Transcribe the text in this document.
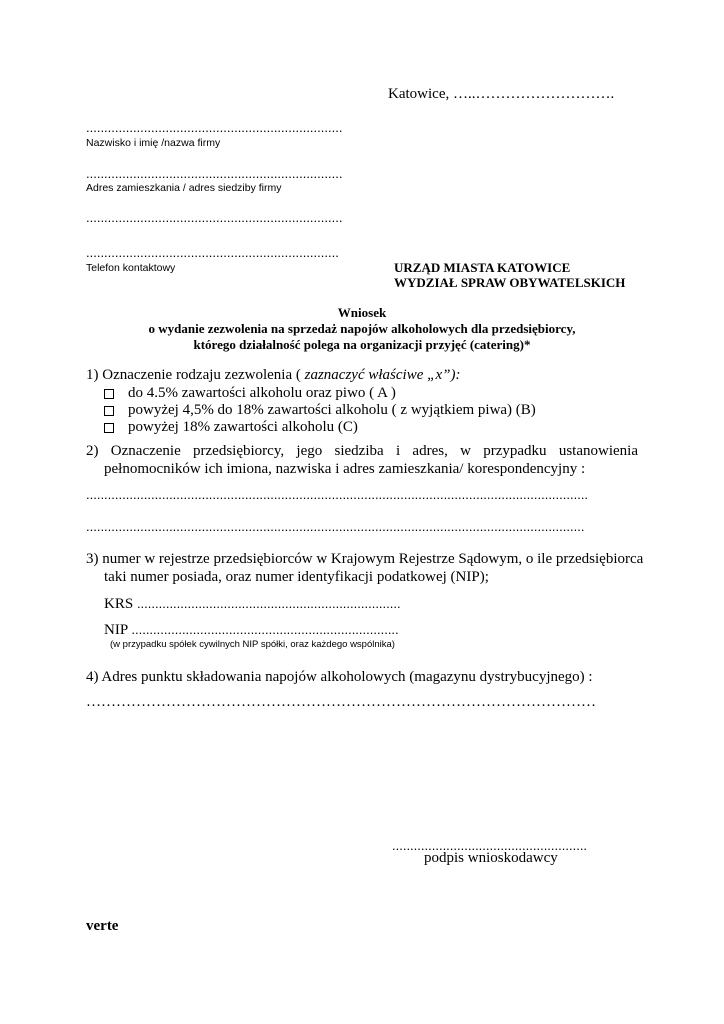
Katowice, …..……………………….
.......................................................................
Nazwisko i imię /nazwa firmy
.......................................................................
Adres zamieszkania / adres siedziby firmy
.......................................................................
......................................................................
Telefon kontaktowy	URZĄD MIASTA KATOWICE
WYDZIAŁ SPRAW OBYWATELSKICH
Wniosek
o wydanie zezwolenia na sprzedaż napojów alkoholowych dla przedsiębiorcy,
którego działalność polega na organizacji przyjęć (catering)*
1) Oznaczenie rodzaju zezwolenia ( zaznaczyć właściwe „x”):
do 4.5% zawartości alkoholu oraz piwo ( A )
powyżej 4,5% do 18% zawartości alkoholu ( z wyjątkiem piwa) (B)
powyżej 18% zawartości alkoholu (C)
2) Oznaczenie przedsiębiorcy, jego siedziba i adres, w przypadku ustanowienia
pełnomocników ich imiona, nazwiska i adres zamieszkania/ korespondencyjny :
...........................................................................................................................................
..........................................................................................................................................
3) numer w rejestrze przedsiębiorców w Krajowym Rejestrze Sądowym, o ile przedsiębiorca
taki numer posiada, oraz numer identyfikacji podatkowej (NIP);
KRS .........................................................................
NIP ..........................................................................
(w przypadku spółek cywilnych NIP spółki, oraz każdego wspólnika)
4) Adres punktu składowania napojów alkoholowych (magazynu dystrybucyjnego) :
…………………………………………………………………………………………
......................................................
podpis wnioskodawcy
verte
